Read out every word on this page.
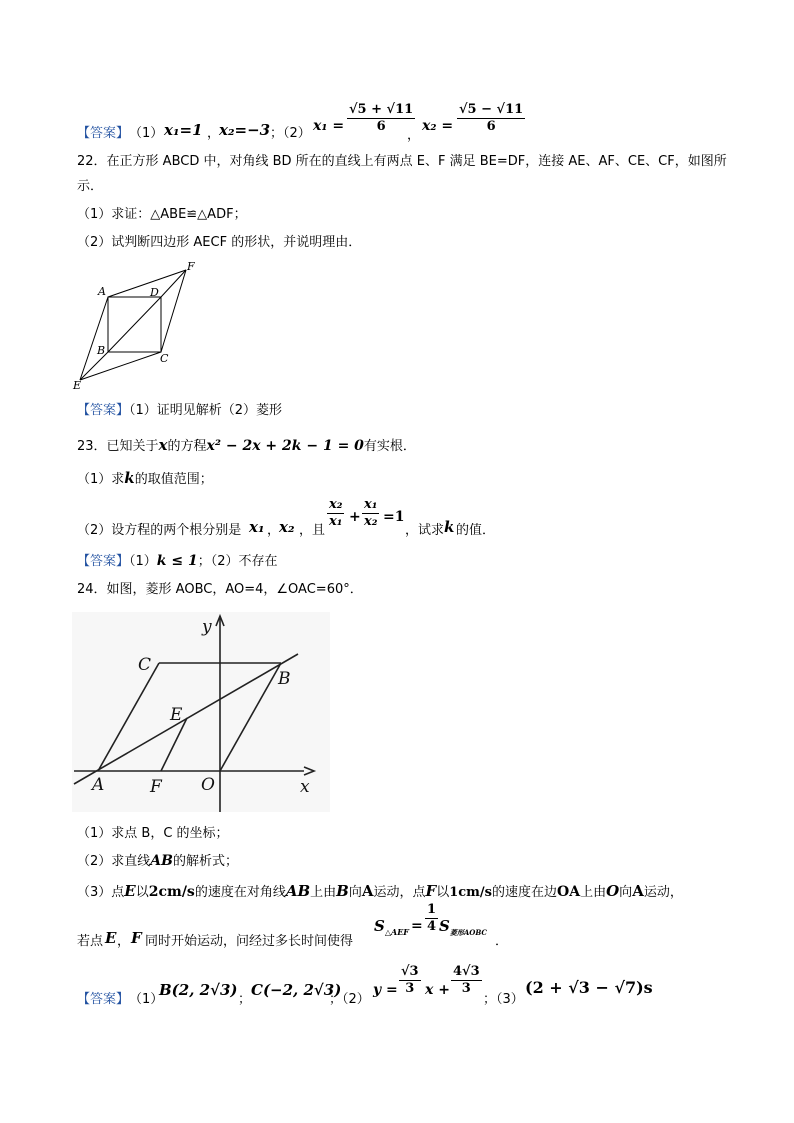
【答案】 （1） x₁=1 ，
x₂=−3 ；（2） $x_1 = \frac{√5 + √11}{6}$
，
$x_2 = \frac{√5 - √11}{6}$
22．在正方形 ABCD 中，对角线 BD 所在的直线上有两点 E、F 满足 BE=DF，连接 AE、AF、CE、CF，如图所
示．
（1）求证：△ABE≌△ADF；
（2）试判断四边形 AECF 的形状，并说明理由．
A	D
B
C
F
E
【答案】（1）证明见解析（2）菱形
23．已知关于x的方程x² − 2x + 2k − 1 = 0有实根．
（1）求k的取值范围；
（2）设方程的两个根分别是 x₁ ，
x₂ ，且
$\frac{\text{x₂}}{\text{x₁}} + \frac{\text{x₁}}{\text{x₂}} =1$
，试求 k 的值．
【答案】（1）k ≤ 1；（2）不存在
24．如图，菱形 AOBC，AO=4，∠OAC=60°．
y
x
C
B
E
A	F O
（1）求点 B，C 的坐标；
（2）求直线AB的解析式；
（3）点E以2cm/s的速度在对角线AB上由B向A运动，点F以1cm/s的速度在边OA上由O向A运动，
若点 E ， F 同时开始运动，问经过多长时间使得
$S_{\triangle AEF} = \frac{1}{4} S_{菱形AOBC}$
．
【答案】 （1）
B(2, 2√3)
；
C(−2, 2√3)
；（2）
$y = \frac{√3}{3}$ $x + \frac{4√3}{3}$
；（3）
(2 + √3 − √7)s
